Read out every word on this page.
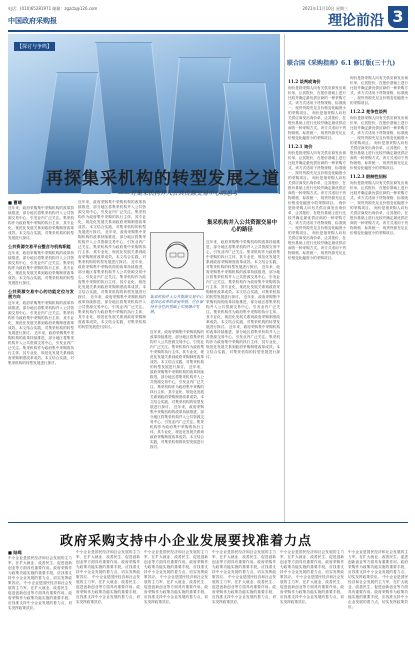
电话：(010)65281971 邮箱：zgzcb@126.com	2021年11月10日 星期三
中国政府采购报	理论前沿 3
【探讨与争鸣】
再探集采机构的转型发展之道
——对集采机构并入公共资源交易中心的思考
■ 曹靖
近年来，政府采购集中采购机构的改革持续推进，部分地区将集采机构并入公共资源交易中心，引发业内广泛关注。集采机构作为政府集中采购的执行主体，其专业化、规范化发展关系到政府采购制度改革成效。本文结合实践，对集采机构的转型发展进行探讨。
公共资源交易平台整合与机构职能
近年来，政府采购集中采购机构的改革持续推进，部分地区将集采机构并入公共资源交易中心，引发业内广泛关注。集采机构作为政府集中采购的执行主体，其专业化、规范化发展关系到政府采购制度改革成效。本文结合实践，对集采机构的转型发展进行探讨。
公共资源交易中心的功能定位与发展方向
近年来，政府采购集中采购机构的改革持续推进，部分地区将集采机构并入公共资源交易中心，引发业内广泛关注。集采机构作为政府集中采购的执行主体，其专业化、规范化发展关系到政府采购制度改革成效。本文结合实践，对集采机构的转型发展进行探讨。 近年来，政府采购集中采购机构的改革持续推进，部分地区将集采机构并入公共资源交易中心，引发业内广泛关注。集采机构作为政府集中采购的执行主体，其专业化、规范化发展关系到政府采购制度改革成效。本文结合实践，对集采机构的转型发展进行探讨。
近年来，政府采购集中采购机构的改革持续推进，部分地区将集采机构并入公共资源交易中心，引发业内广泛关注。集采机构作为政府集中采购的执行主体，其专业化、规范化发展关系到政府采购制度改革成效。本文结合实践，对集采机构的转型发展进行探讨。 近年来，政府采购集中采购机构的改革持续推进，部分地区将集采机构并入公共资源交易中心，引发业内广泛关注。集采机构作为政府集中采购的执行主体，其专业化、规范化发展关系到政府采购制度改革成效。本文结合实践，对集采机构的转型发展进行探讨。 近年来，政府采购集中采购机构的改革持续推进，部分地区将集采机构并入公共资源交易中心，引发业内广泛关注。集采机构作为政府集中采购的执行主体，其专业化、规范化发展关系到政府采购制度改革成效。本文结合实践，对集采机构的转型发展进行探讨。 近年来，政府采购集中采购机构的改革持续推进，部分地区将集采机构并入公共资源交易中心，引发业内广泛关注。集采机构作为政府集中采购的执行主体，其专业化、规范化发展关系到政府采购制度改革成效。本文结合实践，对集采机构的转型发展进行探讨。
集采机构并入公共资源交易中心是深化改革的重要举措，应在保持专业性的基础上实现融合发展。
集采机构并入公共资源交易中心的路径
近年来，政府采购集中采购机构的改革持续推进，部分地区将集采机构并入公共资源交易中心，引发业内广泛关注。集采机构作为政府集中采购的执行主体，其专业化、规范化发展关系到政府采购制度改革成效。本文结合实践，对集采机构的转型发展进行探讨。 近年来，政府采购集中采购机构的改革持续推进，部分地区将集采机构并入公共资源交易中心，引发业内广泛关注。集采机构作为政府集中采购的执行主体，其专业化、规范化发展关系到政府采购制度改革成效。本文结合实践，对集采机构的转型发展进行探讨。 近年来，政府采购集中采购机构的改革持续推进，部分地区将集采机构并入公共资源交易中心，引发业内广泛关注。集采机构作为政府集中采购的执行主体，其专业化、规范化发展关系到政府采购制度改革成效。本文结合实践，对集采机构的转型发展进行探讨。 近年来，政府采购集中采购机构的改革持续推进，部分地区将集采机构并入公共资源交易中心，引发业内广泛关注。集采机构作为政府集中采购的执行主体，其专业化、规范化发展关系到政府采购制度改革成效。本文结合实践，对集采机构的转型发展进行探讨。
近年来，政府采购集中采购机构的改革持续推进，部分地区将集采机构并入公共资源交易中心，引发业内广泛关注。集采机构作为政府集中采购的执行主体，其专业化、规范化发展关系到政府采购制度改革成效。本文结合实践，对集采机构的转型发展进行探讨。 近年来，政府采购集中采购机构的改革持续推进，部分地区将集采机构并入公共资源交易中心，引发业内广泛关注。集采机构作为政府集中采购的执行主体，其专业化、规范化发展关系到政府采购制度改革成效。本文结合实践，对集采机构的转型发展进行探讨。 近年来，政府采购集中采购机构的改革持续推进，部分地区将集采机构并入公共资源交易中心，引发业内广泛关注。集采机构作为政府集中采购的执行主体，其专业化、规范化发展关系到政府采购制度改革成效。本文结合实践，对集采机构的转型发展进行探讨。
联合国《采购指南》6.1 修订版(三十九)
11.2 谈判或询价
询价是指采购人向有关供应商发出询价单，让其报价，在报价基础上进行比较并确定最优供应商的一种采购方式。该方式适用于货物规格、标准统一，现货货源充足且价格变化幅度小的采购项目。 询价是指采购人向有关供应商发出询价单，让其报价，在报价基础上进行比较并确定最优供应商的一种采购方式。该方式适用于货物规格、标准统一，现货货源充足且价格变化幅度小的采购项目。
11.2.1 询价
询价是指采购人向有关供应商发出询价单，让其报价，在报价基础上进行比较并确定最优供应商的一种采购方式。该方式适用于货物规格、标准统一，现货货源充足且价格变化幅度小的采购项目。 询价是指采购人向有关供应商发出询价单，让其报价，在报价基础上进行比较并确定最优供应商的一种采购方式。该方式适用于货物规格、标准统一，现货货源充足且价格变化幅度小的采购项目。 询价是指采购人向有关供应商发出询价单，让其报价，在报价基础上进行比较并确定最优供应商的一种采购方式。该方式适用于货物规格、标准统一，现货货源充足且价格变化幅度小的采购项目。 询价是指采购人向有关供应商发出询价单，让其报价，在报价基础上进行比较并确定最优供应商的一种采购方式。该方式适用于货物规格、标准统一，现货货源充足且价格变化幅度小的采购项目。
询价是指采购人向有关供应商发出询价单，让其报价，在报价基础上进行比较并确定最优供应商的一种采购方式。该方式适用于货物规格、标准统一，现货货源充足且价格变化幅度小的采购项目。
11.2.2 竞争性谈判
询价是指采购人向有关供应商发出询价单，让其报价，在报价基础上进行比较并确定最优供应商的一种采购方式。该方式适用于货物规格、标准统一，现货货源充足且价格变化幅度小的采购项目。 询价是指采购人向有关供应商发出询价单，让其报价，在报价基础上进行比较并确定最优供应商的一种采购方式。该方式适用于货物规格、标准统一，现货货源充足且价格变化幅度小的采购项目。
11.2.3 限制性招标
询价是指采购人向有关供应商发出询价单，让其报价，在报价基础上进行比较并确定最优供应商的一种采购方式。该方式适用于货物规格、标准统一，现货货源充足且价格变化幅度小的采购项目。 询价是指采购人向有关供应商发出询价单，让其报价，在报价基础上进行比较并确定最优供应商的一种采购方式。该方式适用于货物规格、标准统一，现货货源充足且价格变化幅度小的采购项目。
政府采购支持中小企业发展要找准着力点
■ 陆鸣
中小企业是国民经济和社会发展的主力军，在扩大就业、改善民生、促进创新创业等方面具有重要作用。政府采购作为政策功能实施的重要手段，应找准支持中小企业发展的着力点，切实发挥政策效应。 中小企业是国民经济和社会发展的主力军，在扩大就业、改善民生、促进创新创业等方面具有重要作用。政府采购作为政策功能实施的重要手段，应找准支持中小企业发展的着力点，切实发挥政策效应。
中小企业是国民经济和社会发展的主力军，在扩大就业、改善民生、促进创新创业等方面具有重要作用。政府采购作为政策功能实施的重要手段，应找准支持中小企业发展的着力点，切实发挥政策效应。 中小企业是国民经济和社会发展的主力军，在扩大就业、改善民生、促进创新创业等方面具有重要作用。政府采购作为政策功能实施的重要手段，应找准支持中小企业发展的着力点，切实发挥政策效应。
中小企业是国民经济和社会发展的主力军，在扩大就业、改善民生、促进创新创业等方面具有重要作用。政府采购作为政策功能实施的重要手段，应找准支持中小企业发展的着力点，切实发挥政策效应。 中小企业是国民经济和社会发展的主力军，在扩大就业、改善民生、促进创新创业等方面具有重要作用。政府采购作为政策功能实施的重要手段，应找准支持中小企业发展的着力点，切实发挥政策效应。
中小企业是国民经济和社会发展的主力军，在扩大就业、改善民生、促进创新创业等方面具有重要作用。政府采购作为政策功能实施的重要手段，应找准支持中小企业发展的着力点，切实发挥政策效应。 中小企业是国民经济和社会发展的主力军，在扩大就业、改善民生、促进创新创业等方面具有重要作用。政府采购作为政策功能实施的重要手段，应找准支持中小企业发展的着力点，切实发挥政策效应。
中小企业是国民经济和社会发展的主力军，在扩大就业、改善民生、促进创新创业等方面具有重要作用。政府采购作为政策功能实施的重要手段，应找准支持中小企业发展的着力点，切实发挥政策效应。 中小企业是国民经济和社会发展的主力军，在扩大就业、改善民生、促进创新创业等方面具有重要作用。政府采购作为政策功能实施的重要手段，应找准支持中小企业发展的着力点，切实发挥政策效应。
中小企业是国民经济和社会发展的主力军，在扩大就业、改善民生、促进创新创业等方面具有重要作用。政府采购作为政策功能实施的重要手段，应找准支持中小企业发展的着力点，切实发挥政策效应。 中小企业是国民经济和社会发展的主力军，在扩大就业、改善民生、促进创新创业等方面具有重要作用。政府采购作为政策功能实施的重要手段，应找准支持中小企业发展的着力点，切实发挥政策效应。
